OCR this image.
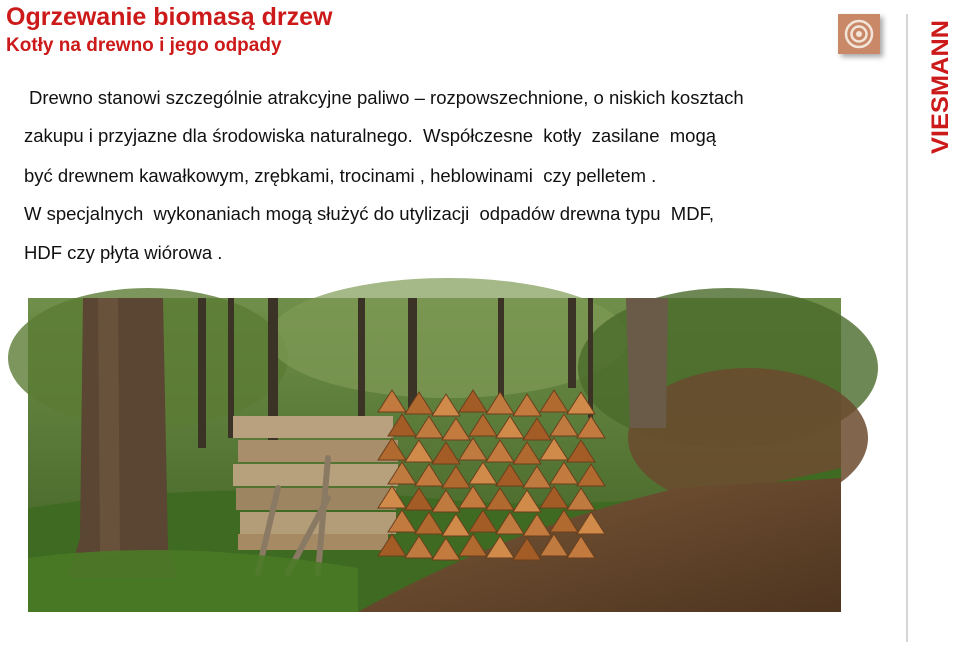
Ogrzewanie biomasą drzew
Kotły na drewno i jego odpady
Drewno stanowi szczególnie atrakcyjne paliwo – rozpowszechnione, o niskich kosztach
zakupu i przyjazne dla środowiska naturalnego.  Współczesne  kotły  zasilane  mogą
być drewnem kawałkowym, zrębkami, trocinami , heblowinami  czy pelletem .
W specjalnych  wykonaniach mogą służyć do utylizacji  odpadów drewna typu  MDF,
HDF czy płyta wiórowa .
VIESMANN
